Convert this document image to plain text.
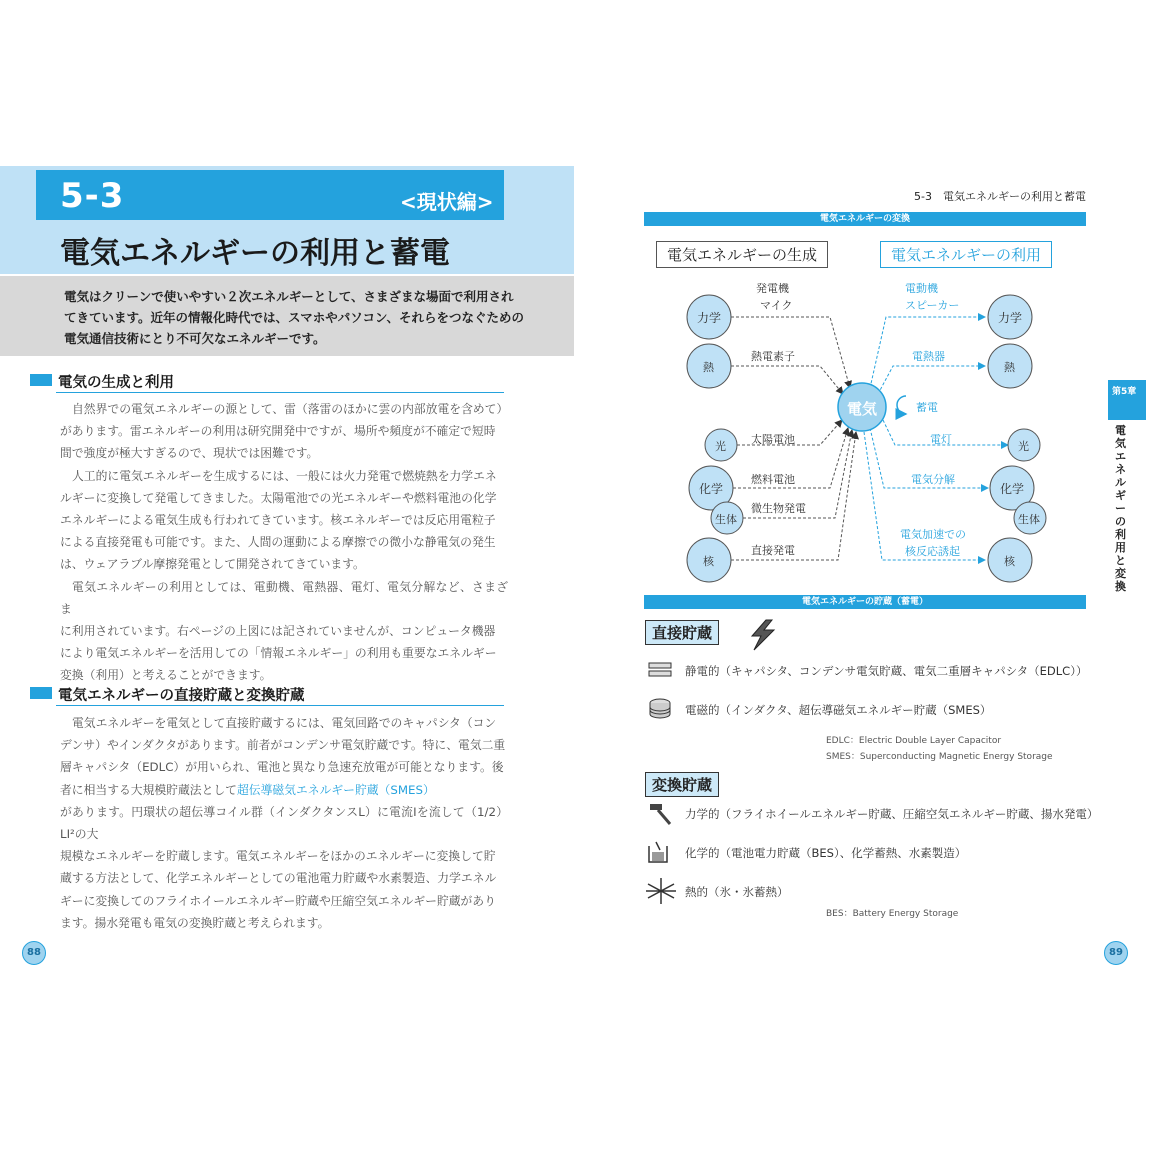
5-3	<現状編>
電気エネルギーの利用と蓄電
電気はクリーンで使いやすい２次エネルギーとして、さまざまな場面で利用されてきています。近年の情報化時代では、スマホやパソコン、それらをつなぐための電気通信技術にとり不可欠なエネルギーです。
電気の生成と利用
自然界での電気エネルギーの源として、雷（落雷のほかに雲の内部放電を含めて）
があります。雷エネルギーの利用は研究開発中ですが、場所や頻度が不確定で短時
間で強度が極大すぎるので、現状では困難です。
人工的に電気エネルギーを生成するには、一般には火力発電で燃焼熱を力学エネ
ルギーに変換して発電してきました。太陽電池での光エネルギーや燃料電池の化学
エネルギーによる電気生成も行われてきています。核エネルギーでは反応用電粒子
による直接発電も可能です。また、人間の運動による摩擦での微小な静電気の発生
は、ウェアラブル摩擦発電として開発されてきています。
電気エネルギーの利用としては、電動機、電熱器、電灯、電気分解など、さまざま
に利用されています。右ページの上図には記されていませんが、コンピュータ機器
により電気エネルギーを活用しての「情報エネルギー」の利用も重要なエネルギー
変換（利用）と考えることができます。
電気エネルギーの直接貯蔵と変換貯蔵
電気エネルギーを電気として直接貯蔵するには、電気回路でのキャパシタ（コン
デンサ）やインダクタがあります。前者がコンデンサ電気貯蔵です。特に、電気二重
層キャパシタ（EDLC）が用いられ、電池と異なり急速充放電が可能となります。後
者に相当する大規模貯蔵法として超伝導磁気エネルギー貯蔵（SMES）
があります。円環状の超伝導コイル群（インダクタンスL）に電流Iを流して（1/2）LI²の大
規模なエネルギーを貯蔵します。電気エネルギーをほかのエネルギーに変換して貯
蔵する方法として、化学エネルギーとしての電池電力貯蔵や水素製造、力学エネル
ギーに変換してのフライホイールエネルギー貯蔵や圧縮空気エネルギー貯蔵があり
ます。揚水発電も電気の変換貯蔵と考えられます。
88
5-3　電気エネルギーの利用と蓄電
電気エネルギーの変換
電気エネルギーの生成	電気エネルギーの利用
電気	蓄電
力学
熱
光
化学
生体
核
力学
熱
光
化学
生体
核
発電機
マイク
熱電素子
太陽電池
燃料電池
微生物発電
直接発電
電動機
スピーカー
電熱器
電灯
電気分解
電気加速での
核反応誘起
電気エネルギーの貯蔵（蓄電）
直接貯蔵
静電的（キャパシタ、コンデンサ電気貯蔵、電気二重層キャパシタ（EDLC））
電磁的（インダクタ、超伝導磁気エネルギー貯蔵（SMES）
EDLC：Electric Double Layer Capacitor
SMES：Superconducting Magnetic Energy Storage
変換貯蔵
力学的（フライホイールエネルギー貯蔵、圧縮空気エネルギー貯蔵、揚水発電）
化学的（電池電力貯蔵（BES）、化学蓄熱、水素製造）
熱的（氷・氷蓄熱）
BES：Battery Energy Storage
第5章
電気エネルギーの利用と変換
89
